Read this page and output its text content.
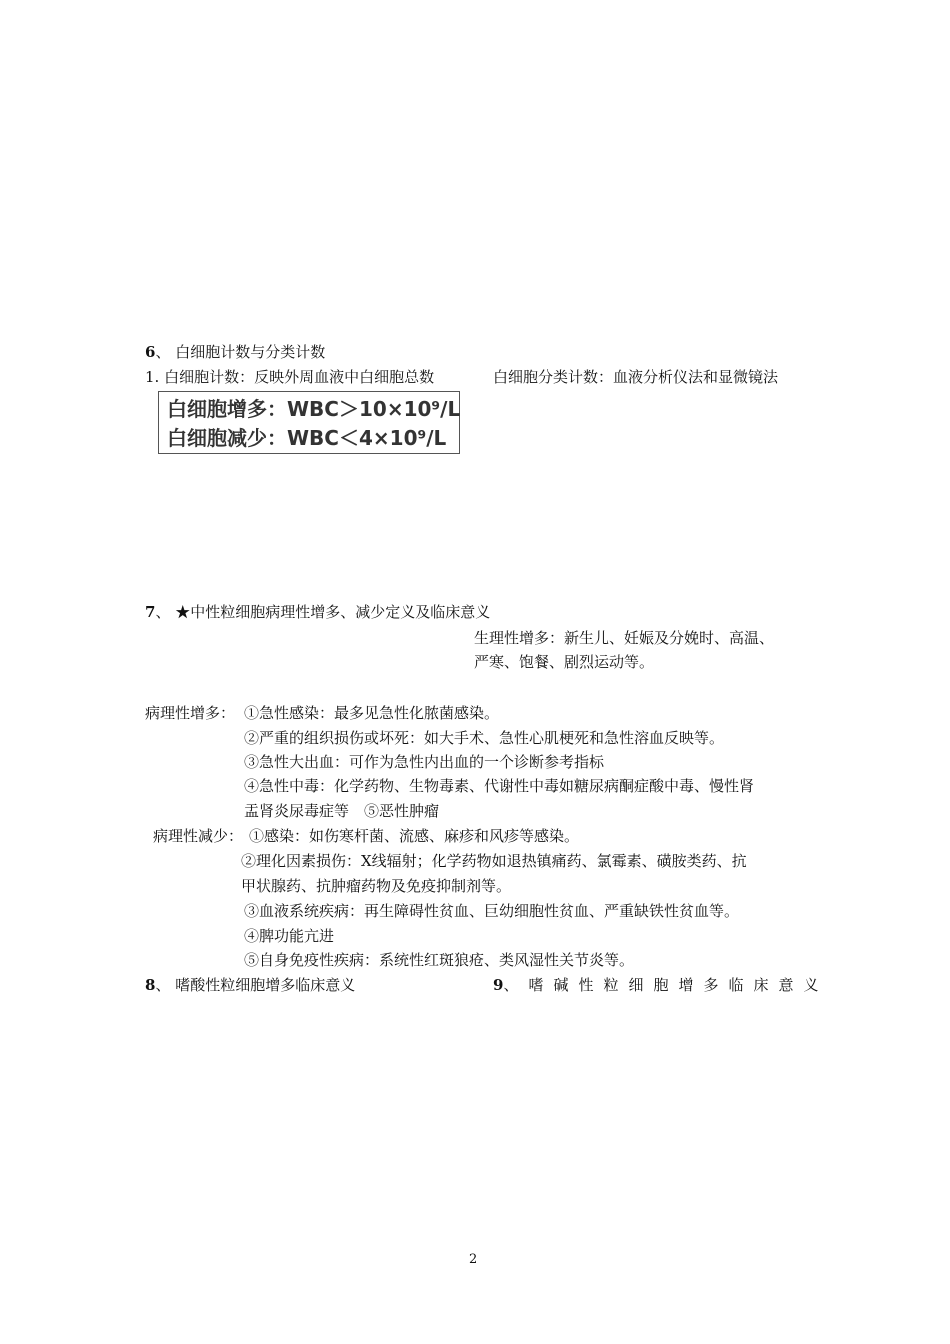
6、 白细胞计数与分类计数
1. 白细胞计数：反映外周血液中白细胞总数	白细胞分类计数：血液分析仪法和显微镜法
白细胞增多：WBC＞10×10⁹/L
白细胞减少：WBC＜4×10⁹/L
7、 ★中性粒细胞病理性增多、减少定义及临床意义
生理性增多：新生儿、妊娠及分娩时、高温、
严寒、饱餐、剧烈运动等。
病理性增多： ①急性感染：最多见急性化脓菌感染。
②严重的组织损伤或坏死：如大手术、急性心肌梗死和急性溶血反映等。
③急性大出血：可作为急性内出血的一个诊断参考指标
④急性中毒：化学药物、生物毒素、代谢性中毒如糖尿病酮症酸中毒、慢性肾
盂肾炎尿毒症等　⑤恶性肿瘤
病理性减少： ①感染：如伤寒杆菌、流感、麻疹和风疹等感染。
②理化因素损伤：X线辐射；化学药物如退热镇痛药、氯霉素、磺胺类药、抗
甲状腺药、抗肿瘤药物及免疫抑制剂等。
③血液系统疾病：再生障碍性贫血、巨幼细胞性贫血、严重缺铁性贫血等。
④脾功能亢进
⑤自身免疫性疾病：系统性红斑狼疮、类风湿性关节炎等。
8、 嗜酸性粒细胞增多临床意义	9、嗜碱性粒细胞增多临床意义
2
